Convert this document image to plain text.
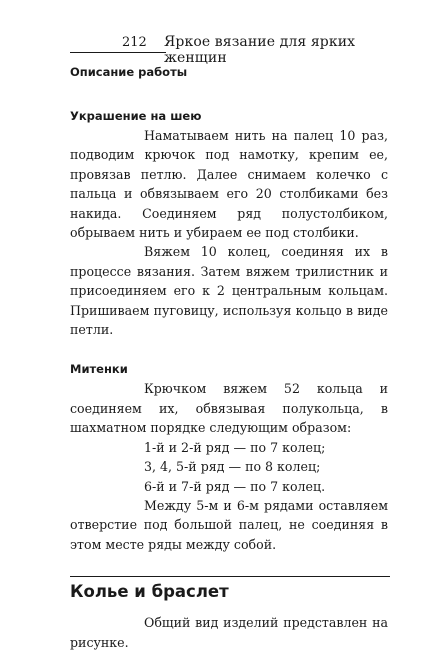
212 Яркое вязание для ярких женщин
Описание работы
Украшение на шею

Наматываем нить на палец 10 раз, подводим крючок под намотку, крепим ее, провязав петлю. Далее снимаем колечко с пальца и обвязываем его 20 столбиками без накида. Соединяем ряд полустолбиком, обрываем нить и убираем ее под столбики.

Вяжем 10 колец, соединяя их в процессе вязания. Затем вяжем трилистник и присоединяем его к 2 центральным кольцам. Пришиваем пуговицу, используя кольцо в виде петли.

Митенки

Крючком вяжем 52 кольца и соединяем их, обвязывая полукольца, в шахматном порядке следующим образом:

1-й и 2-й ряд — по 7 колец;
3, 4, 5-й ряд — по 8 колец;
6-й и 7-й ряд — по 7 колец.

Между 5-м и 6-м рядами оставляем отверстие под большой палец, не соединяя в этом месте ряды между собой.

Колье и браслет

Общий вид изделий представлен на рисунке.
